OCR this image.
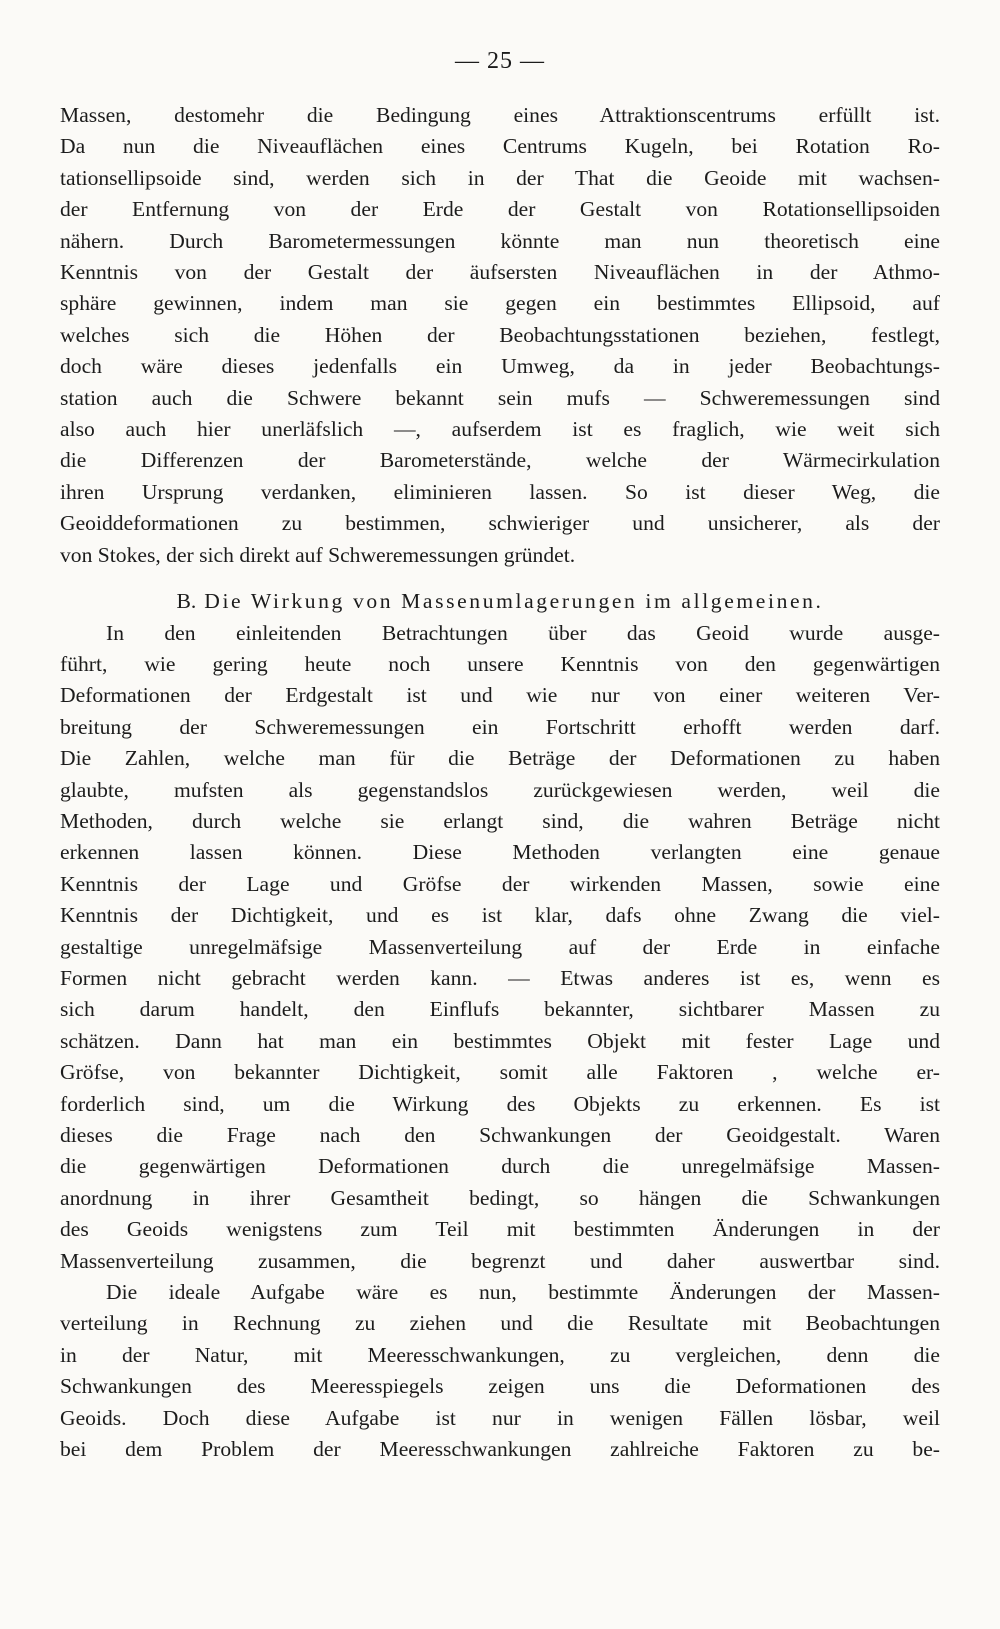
— 25 —
Massen, destomehr die Bedingung eines Attraktionscentrums erfüllt ist.
Da nun die Niveauflächen eines Centrums Kugeln, bei Rotation Ro-
tationsellipsoide sind, werden sich in der That die Geoide mit wachsen-
der Entfernung von der Erde der Gestalt von Rotationsellipsoiden
nähern. Durch Barometermessungen könnte man nun theoretisch eine
Kenntnis von der Gestalt der äufsersten Niveauflächen in der Athmo-
sphäre gewinnen, indem man sie gegen ein bestimmtes Ellipsoid, auf
welches sich die Höhen der Beobachtungsstationen beziehen, festlegt,
doch wäre dieses jedenfalls ein Umweg, da in jeder Beobachtungs-
station auch die Schwere bekannt sein mufs — Schweremessungen sind
also auch hier unerläfslich —, aufserdem ist es fraglich, wie weit sich
die Differenzen der Barometerstände, welche der Wärmecirkulation
ihren Ursprung verdanken, eliminieren lassen. So ist dieser Weg, die
Geoiddeformationen zu bestimmen, schwieriger und unsicherer, als der
von Stokes, der sich direkt auf Schweremessungen gründet.
B. Die Wirkung von Massenumlagerungen im allgemeinen.
In den einleitenden Betrachtungen über das Geoid wurde ausge-
führt, wie gering heute noch unsere Kenntnis von den gegenwärtigen
Deformationen der Erdgestalt ist und wie nur von einer weiteren Ver-
breitung der Schweremessungen ein Fortschritt erhofft werden darf.
Die Zahlen, welche man für die Beträge der Deformationen zu haben
glaubte, mufsten als gegenstandslos zurückgewiesen werden, weil die
Methoden, durch welche sie erlangt sind, die wahren Beträge nicht
erkennen lassen können. Diese Methoden verlangten eine genaue
Kenntnis der Lage und Gröfse der wirkenden Massen, sowie eine
Kenntnis der Dichtigkeit, und es ist klar, dafs ohne Zwang die viel-
gestaltige unregelmäfsige Massenverteilung auf der Erde in einfache
Formen nicht gebracht werden kann. — Etwas anderes ist es, wenn es
sich darum handelt, den Einflufs bekannter, sichtbarer Massen zu
schätzen. Dann hat man ein bestimmtes Objekt mit fester Lage und
Gröfse, von bekannter Dichtigkeit, somit alle Faktoren , welche er-
forderlich sind, um die Wirkung des Objekts zu erkennen. Es ist
dieses die Frage nach den Schwankungen der Geoidgestalt. Waren
die gegenwärtigen Deformationen durch die unregelmäfsige Massen-
anordnung in ihrer Gesamtheit bedingt, so hängen die Schwankungen
des Geoids wenigstens zum Teil mit bestimmten Änderungen in der
Massenverteilung zusammen, die begrenzt und daher auswertbar sind.
Die ideale Aufgabe wäre es nun, bestimmte Änderungen der Massen-
verteilung in Rechnung zu ziehen und die Resultate mit Beobachtungen
in der Natur, mit Meeresschwankungen, zu vergleichen, denn die
Schwankungen des Meeresspiegels zeigen uns die Deformationen des
Geoids. Doch diese Aufgabe ist nur in wenigen Fällen lösbar, weil
bei dem Problem der Meeresschwankungen zahlreiche Faktoren zu be-
